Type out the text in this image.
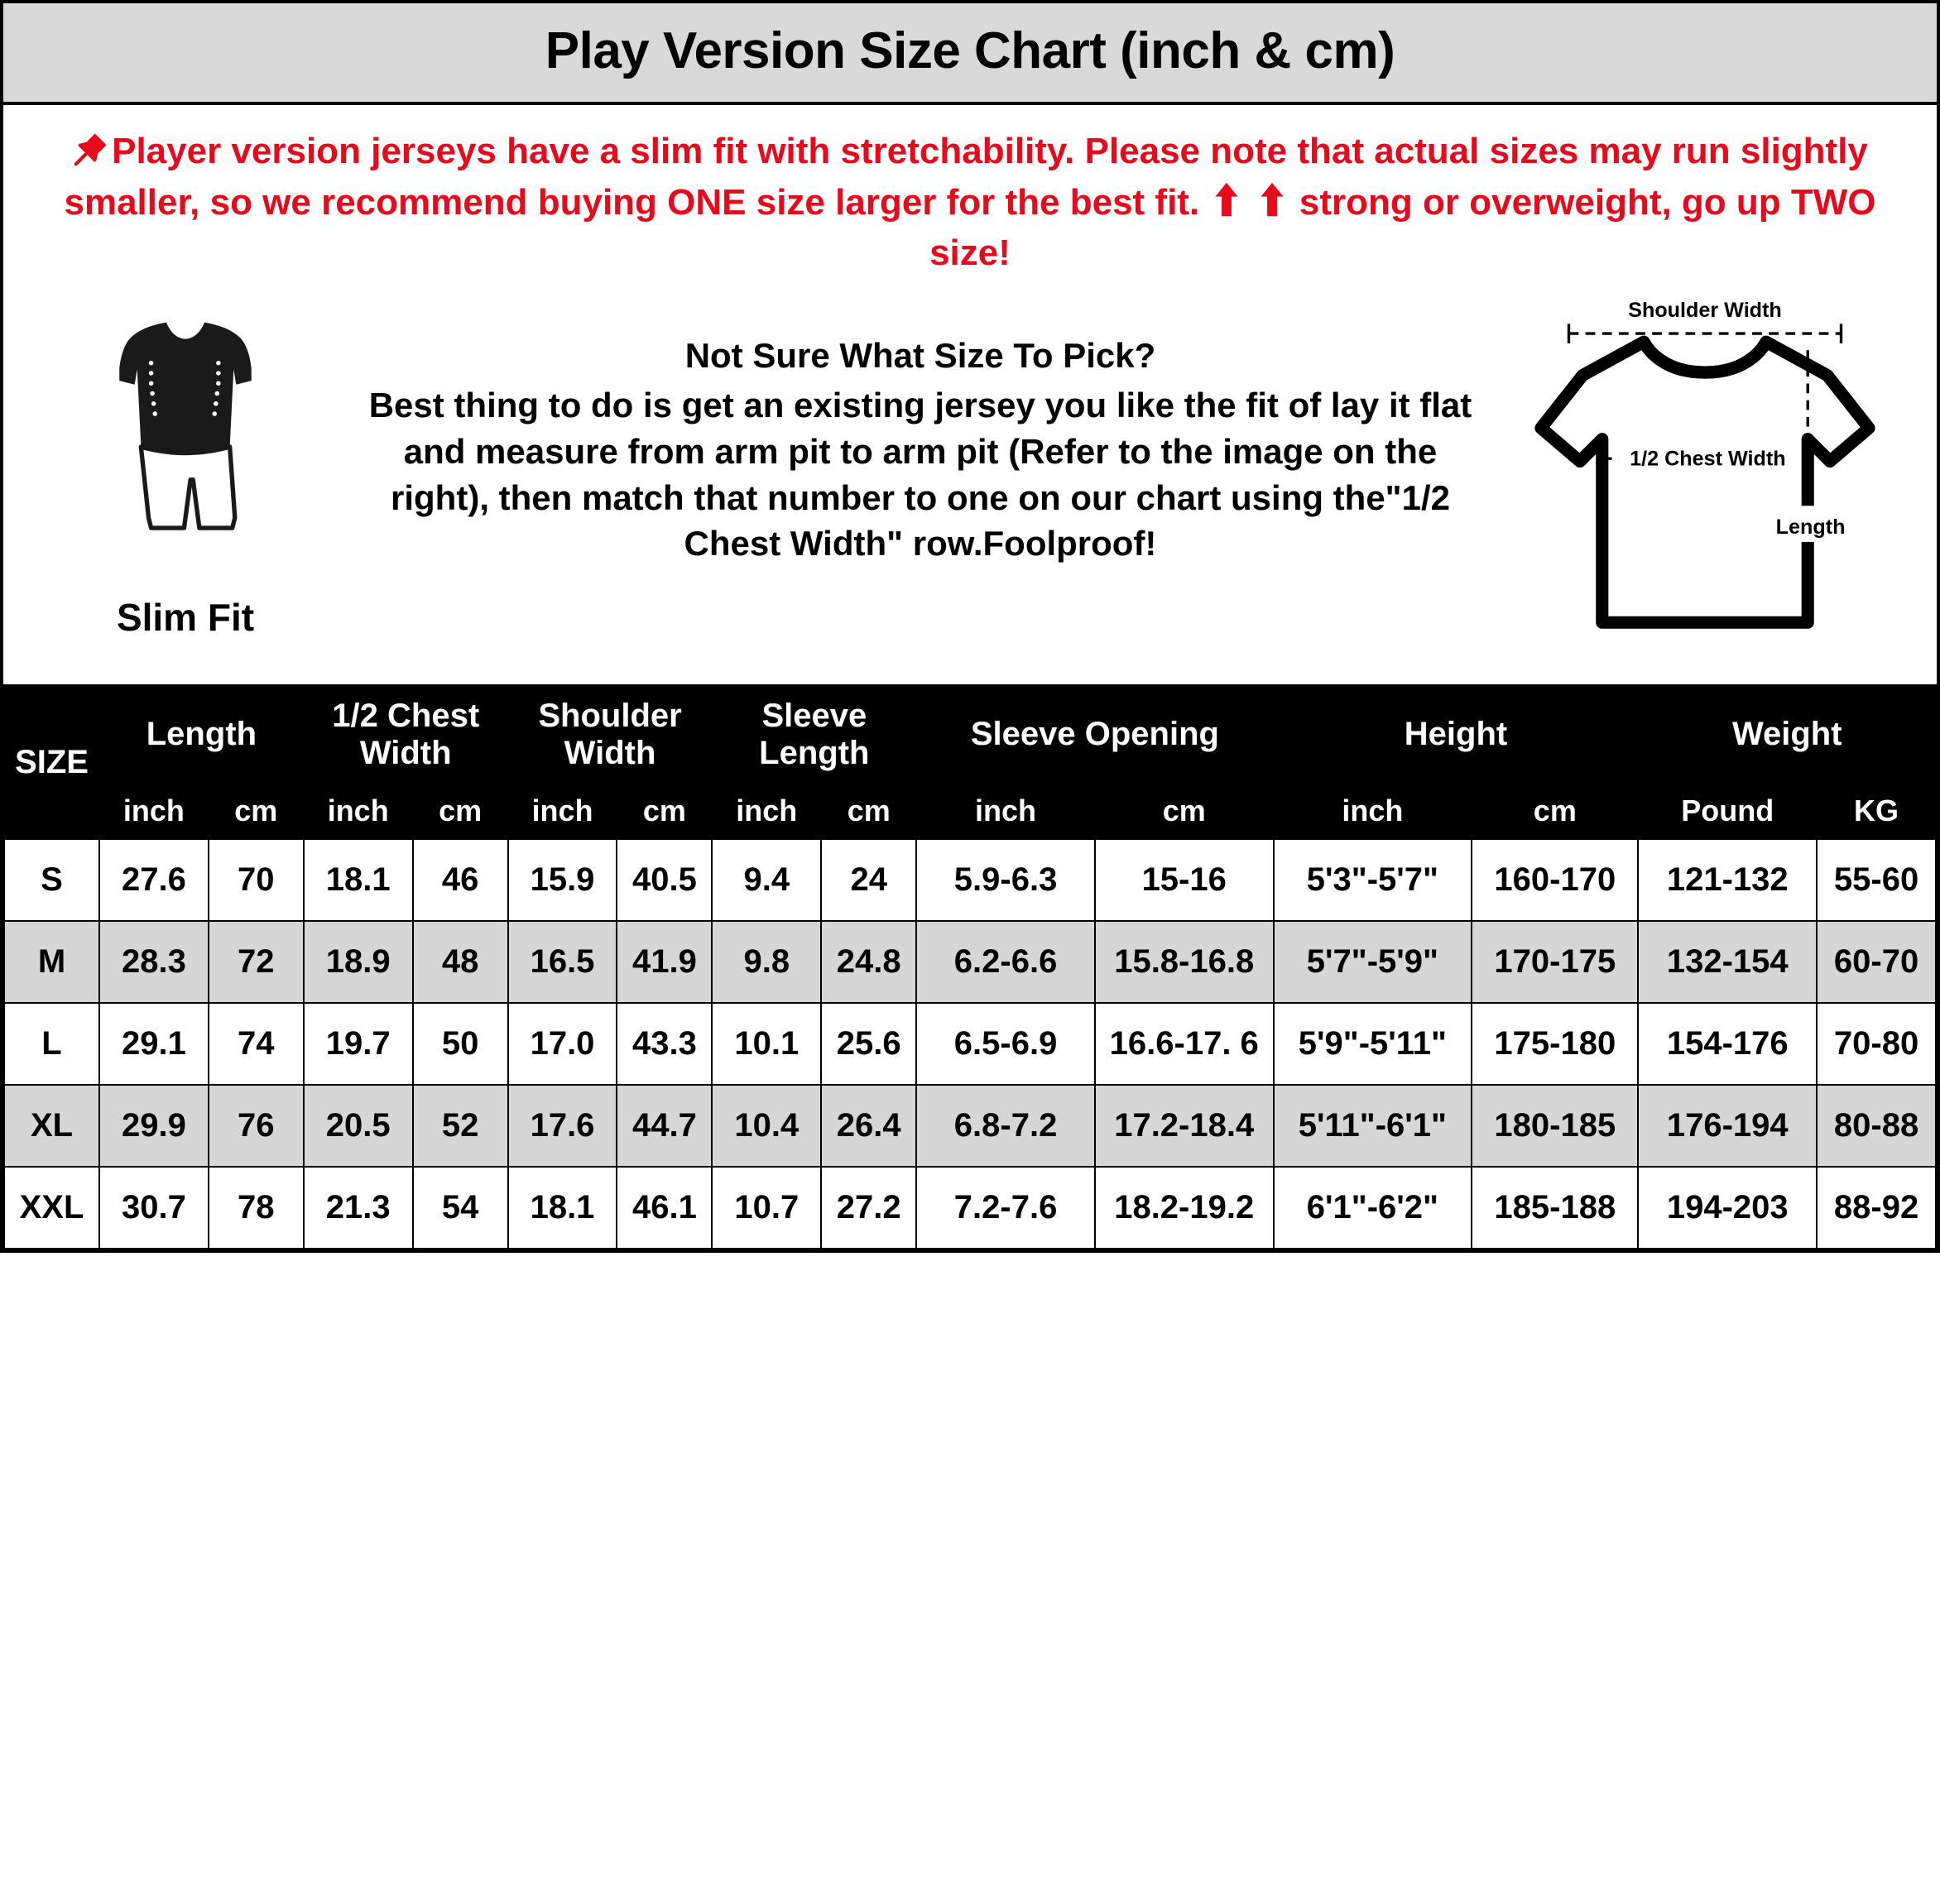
Play Version Size Chart (inch & cm)
Player version jerseys have a slim fit with stretchability. Please note that actual sizes may run slightly smaller, so we recommend buying ONE size larger for the best fit.	strong or overweight, go up TWO size!
Slim Fit
Not Sure What Size To Pick?
Best thing to do is get an existing jersey you like the fit of lay it flat and measure from arm pit to arm pit (Refer to the image on the right), then match that number to one on our chart using the"1/2 Chest Width" row.Foolproof!
Shoulder Width
1/2 Chest Width
Length
SIZE	Length		1/2 Chest Width		Shoulder Width		Sleeve Length		Sleeve Opening		Height		Weight	
	inch	cm	inch	cm	inch	cm	inch	cm	inch	cm	inch	cm	Pound	KG
S	27.6	70	18.1	46	15.9	40.5	9.4	24	5.9-6.3	15-16	5'3"-5'7"	160-170	121-132	55-60
M	28.3	72	18.9	48	16.5	41.9	9.8	24.8	6.2-6.6	15.8-16.8	5'7"-5'9"	170-175	132-154	60-70
L	29.1	74	19.7	50	17.0	43.3	10.1	25.6	6.5-6.9	16.6-17. 6	5'9"-5'11"	175-180	154-176	70-80
XL	29.9	76	20.5	52	17.6	44.7	10.4	26.4	6.8-7.2	17.2-18.4	5'11"-6'1"	180-185	176-194	80-88
XXL	30.7	78	21.3	54	18.1	46.1	10.7	27.2	7.2-7.6	18.2-19.2	6'1"-6'2"	185-188	194-203	88-92
